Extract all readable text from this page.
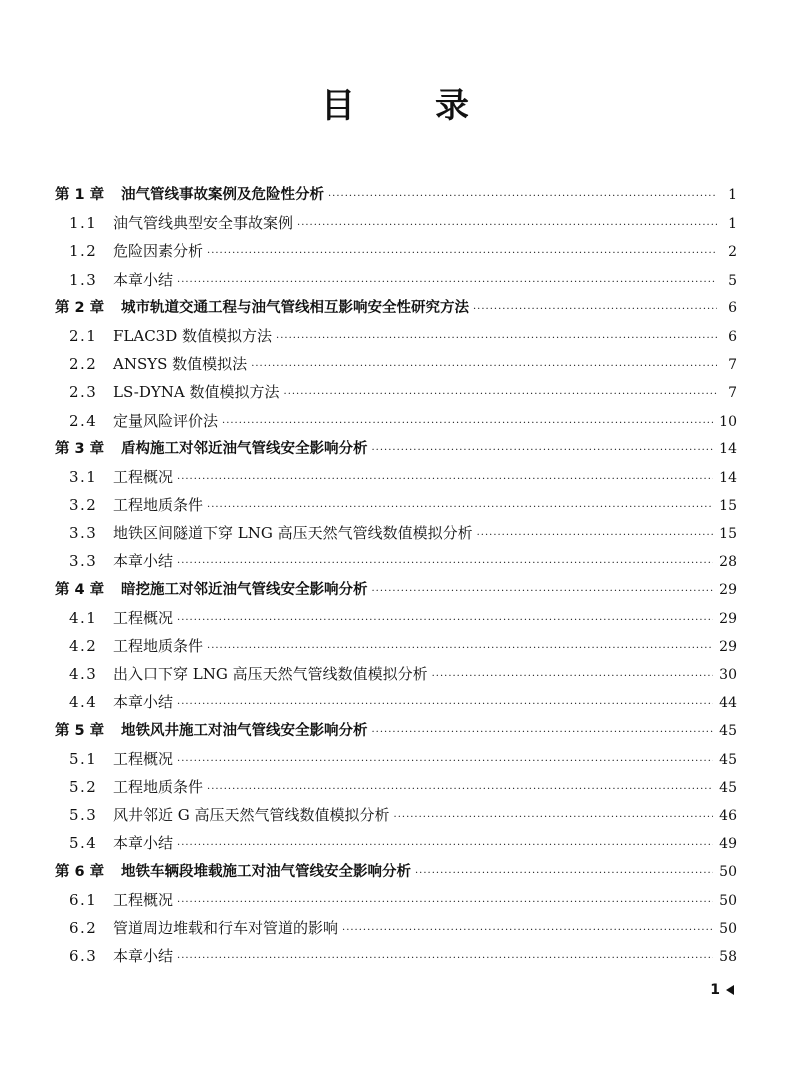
目录
第 1 章	油气管线事故案例及危险性分析 ·····	1
1.1	油气管线典型安全事故案例 ·····	1
1.2	危险因素分析 ·····	2
1.3	本章小结 ·····	5
第 2 章	城市轨道交通工程与油气管线相互影响安全性研究方法 ·····	6
2.1	FLAC3D 数值模拟方法 ·····	6
2.2	ANSYS 数值模拟法 ·····	7
2.3	LS-DYNA 数值模拟方法 ·····	7
2.4	定量风险评价法 ·····	10
第 3 章	盾构施工对邻近油气管线安全影响分析 ·····	14
3.1	工程概况 ·····	14
3.2	工程地质条件 ·····	15
3.3	地铁区间隧道下穿 LNG 高压天然气管线数值模拟分析 ·····	15
3.3	本章小结 ·····	28
第 4 章	暗挖施工对邻近油气管线安全影响分析 ·····	29
4.1	工程概况 ·····	29
4.2	工程地质条件 ·····	29
4.3	出入口下穿 LNG 高压天然气管线数值模拟分析 ·····	30
4.4	本章小结 ·····	44
第 5 章	地铁风井施工对油气管线安全影响分析 ·····	45
5.1	工程概况 ·····	45
5.2	工程地质条件 ·····	45
5.3	风井邻近 G 高压天然气管线数值模拟分析 ·····	46
5.4	本章小结 ·····	49
第 6 章	地铁车辆段堆载施工对油气管线安全影响分析 ·····	50
6.1	工程概况 ·····	50
6.2	管道周边堆载和行车对管道的影响 ·····	50
6.3	本章小结 ·····	58
1
